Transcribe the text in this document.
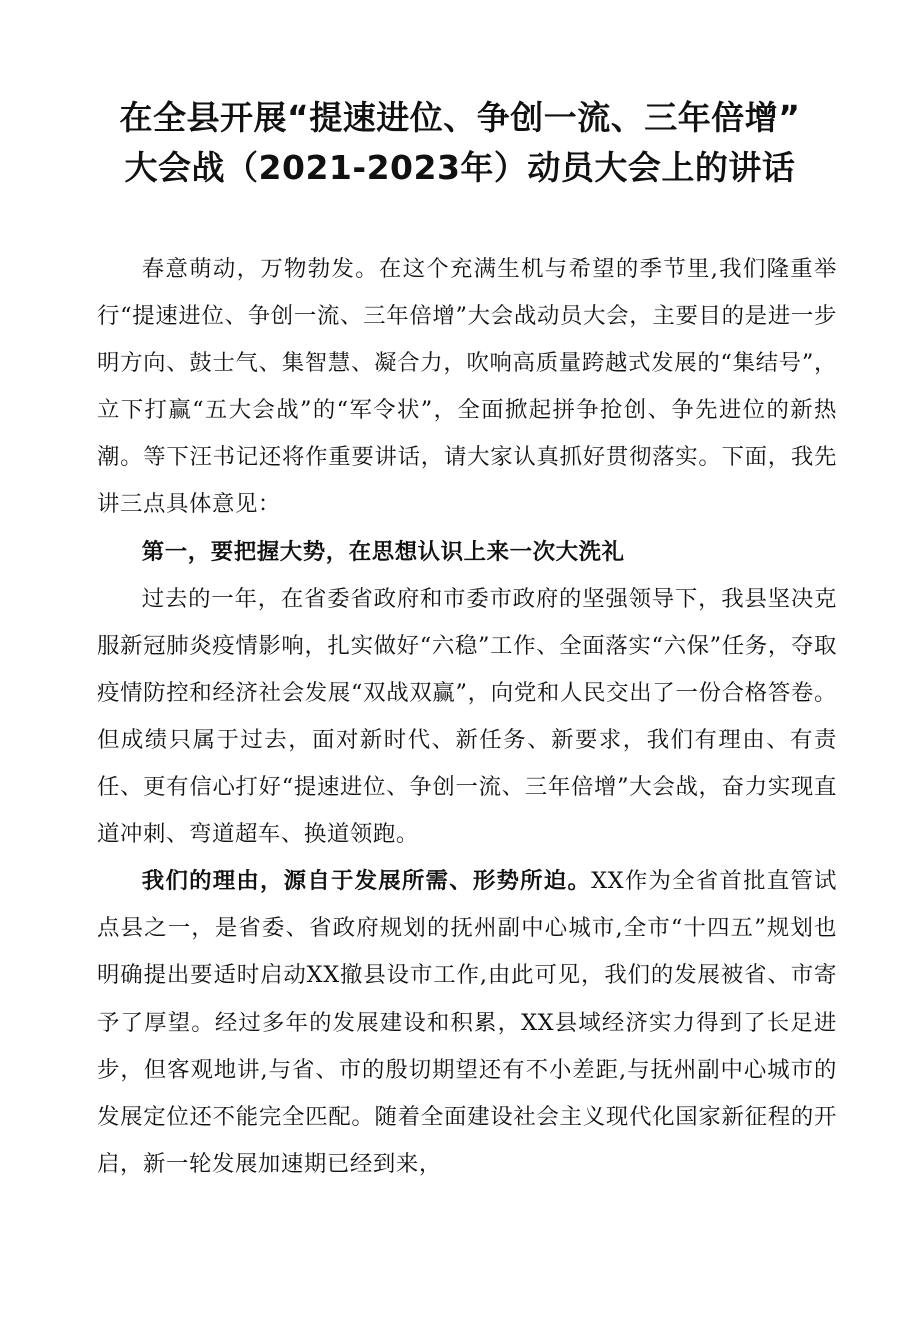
在全县开展“提速进位、争创一流、三年倍增”
大会战（2021-2023年）动员大会上的讲话

春意萌动，万物勃发。在这个充满生机与希望的季节里,我们隆重举行“提速进位、争创一流、三年倍增”大会战动员大会，主要目的是进一步明方向、鼓士气、集智慧、凝合力，吹响高质量跨越式发展的“集结号”，立下打赢“五大会战”的“军令状”，全面掀起拼争抢创、争先进位的新热潮。等下汪书记还将作重要讲话，请大家认真抓好贯彻落实。下面，我先讲三点具体意见：

第一，要把握大势，在思想认识上来一次大洗礼

过去的一年，在省委省政府和市委市政府的坚强领导下，我县坚决克服新冠肺炎疫情影响，扎实做好“六稳”工作、全面落实“六保”任务，夺取疫情防控和经济社会发展“双战双赢”，向党和人民交出了一份合格答卷。但成绩只属于过去，面对新时代、新任务、新要求，我们有理由、有责任、更有信心打好“提速进位、争创一流、三年倍增”大会战，奋力实现直道冲刺、弯道超车、换道领跑。

我们的理由，源自于发展所需、形势所迫。XX作为全省首批直管试点县之一，是省委、省政府规划的抚州副中心城市,全市“十四五”规划也明确提出要适时启动XX撤县设市工作,由此可见，我们的发展被省、市寄予了厚望。经过多年的发展建设和积累，XX县域经济实力得到了长足进步，但客观地讲,与省、市的殷切期望还有不小差距,与抚州副中心城市的发展定位还不能完全匹配。随着全面建设社会主义现代化国家新征程的开启，新一轮发展加速期已经到来，
